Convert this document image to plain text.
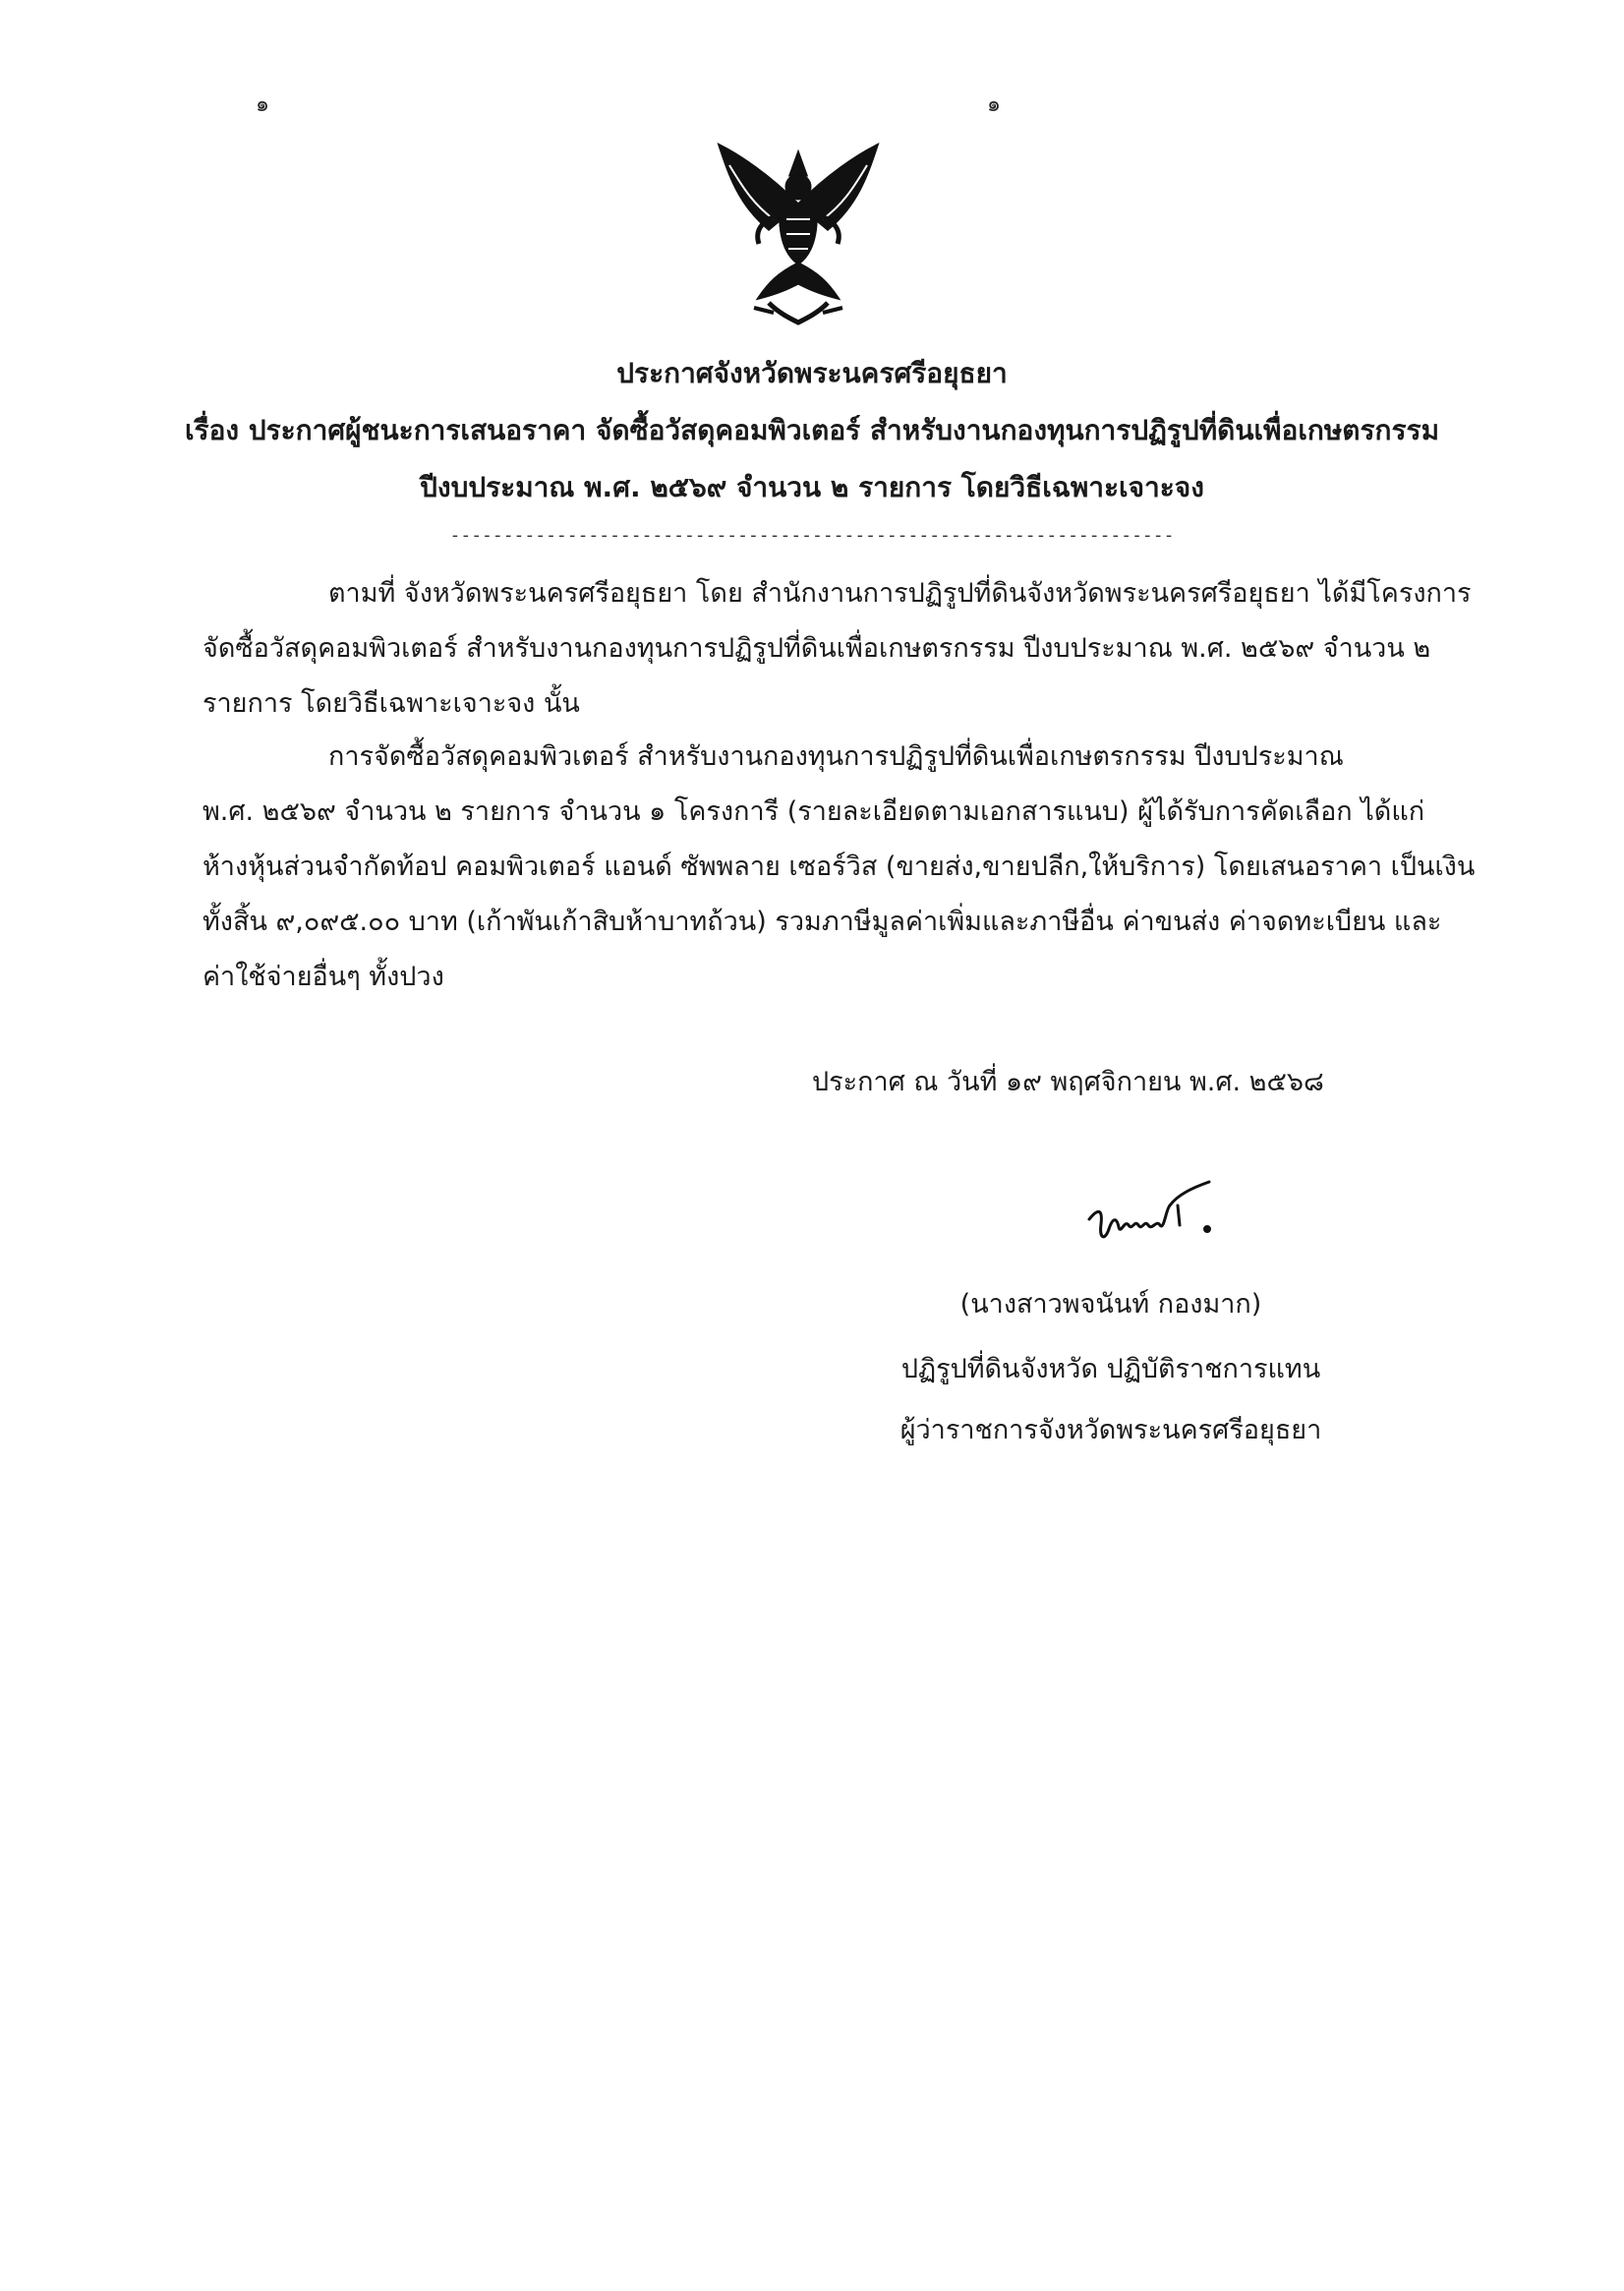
๑	๑
ประกาศจังหวัดพระนครศรีอยุธยา
เรื่อง ประกาศผู้ชนะการเสนอราคา จัดซื้อวัสดุคอมพิวเตอร์ สำหรับงานกองทุนการปฏิรูปที่ดินเพื่อเกษตรกรรม
ปีงบประมาณ พ.ศ. ๒๕๖๙ จำนวน ๒ รายการ โดยวิธีเฉพาะเจาะจง
--------------------------------------------------------------------
ตามที่ จังหวัดพระนครศรีอยุธยา โดย สำนักงานการปฏิรูปที่ดินจังหวัดพระนครศรีอยุธยา ได้มีโครงการ
จัดซื้อวัสดุคอมพิวเตอร์ สำหรับงานกองทุนการปฏิรูปที่ดินเพื่อเกษตรกรรม ปีงบประมาณ พ.ศ. ๒๕๖๙ จำนวน ๒
รายการ โดยวิธีเฉพาะเจาะจง นั้น
การจัดซื้อวัสดุคอมพิวเตอร์ สำหรับงานกองทุนการปฏิรูปที่ดินเพื่อเกษตรกรรม ปีงบประมาณ
พ.ศ. ๒๕๖๙ จำนวน ๒ รายการ จำนวน ๑ โครงการี (รายละเอียดตามเอกสารแนบ) ผู้ได้รับการคัดเลือก ได้แก่
ห้างหุ้นส่วนจำกัดท้อป คอมพิวเตอร์ แอนด์ ซัพพลาย เซอร์วิส (ขายส่ง,ขายปลีก,ให้บริการ) โดยเสนอราคา เป็นเงิน
ทั้งสิ้น ๙,๐๙๕.๐๐ บาท (เก้าพันเก้าสิบห้าบาทถ้วน) รวมภาษีมูลค่าเพิ่มและภาษีอื่น ค่าขนส่ง ค่าจดทะเบียน และ
ค่าใช้จ่ายอื่นๆ ทั้งปวง
ประกาศ ณ วันที่ ๑๙ พฤศจิกายน พ.ศ. ๒๕๖๘
(นางสาวพจนันท์ กองมาก)
ปฏิรูปที่ดินจังหวัด ปฏิบัติราชการแทน
ผู้ว่าราชการจังหวัดพระนครศรีอยุธยา
